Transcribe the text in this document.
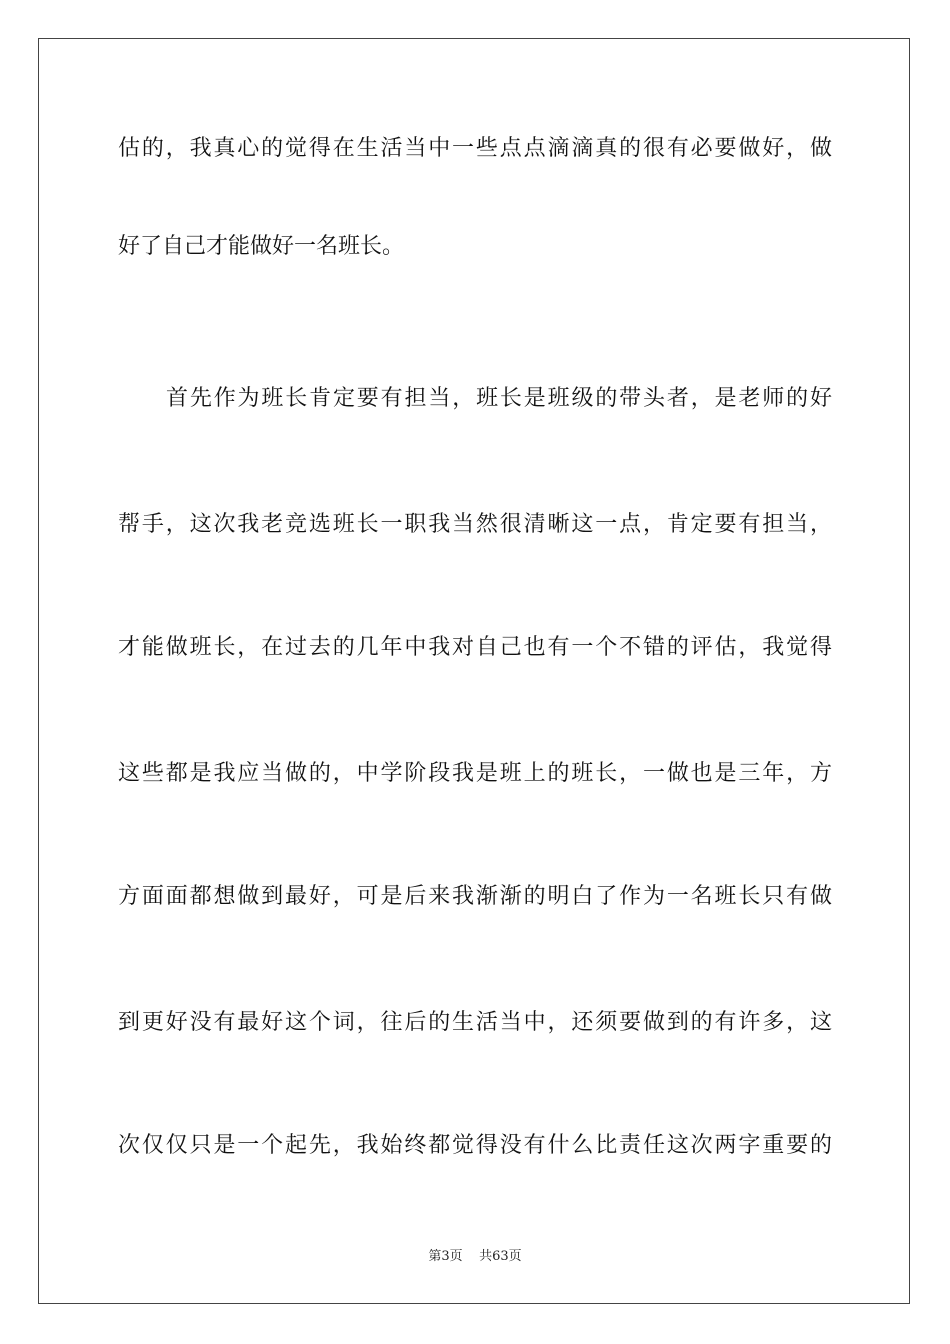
估的，我真心的觉得在生活当中一些点点滴滴真的很有必要做好，做
好了自己才能做好一名班长。
首先作为班长肯定要有担当，班长是班级的带头者，是老师的好
帮手，这次我老竞选班长一职我当然很清晰这一点，肯定要有担当，
才能做班长，在过去的几年中我对自己也有一个不错的评估，我觉得
这些都是我应当做的，中学阶段我是班上的班长，一做也是三年，方
方面面都想做到最好，可是后来我渐渐的明白了作为一名班长只有做
到更好没有最好这个词，往后的生活当中，还须要做到的有许多，这
次仅仅只是一个起先，我始终都觉得没有什么比责任这次两字重要的
第3页 共63页
